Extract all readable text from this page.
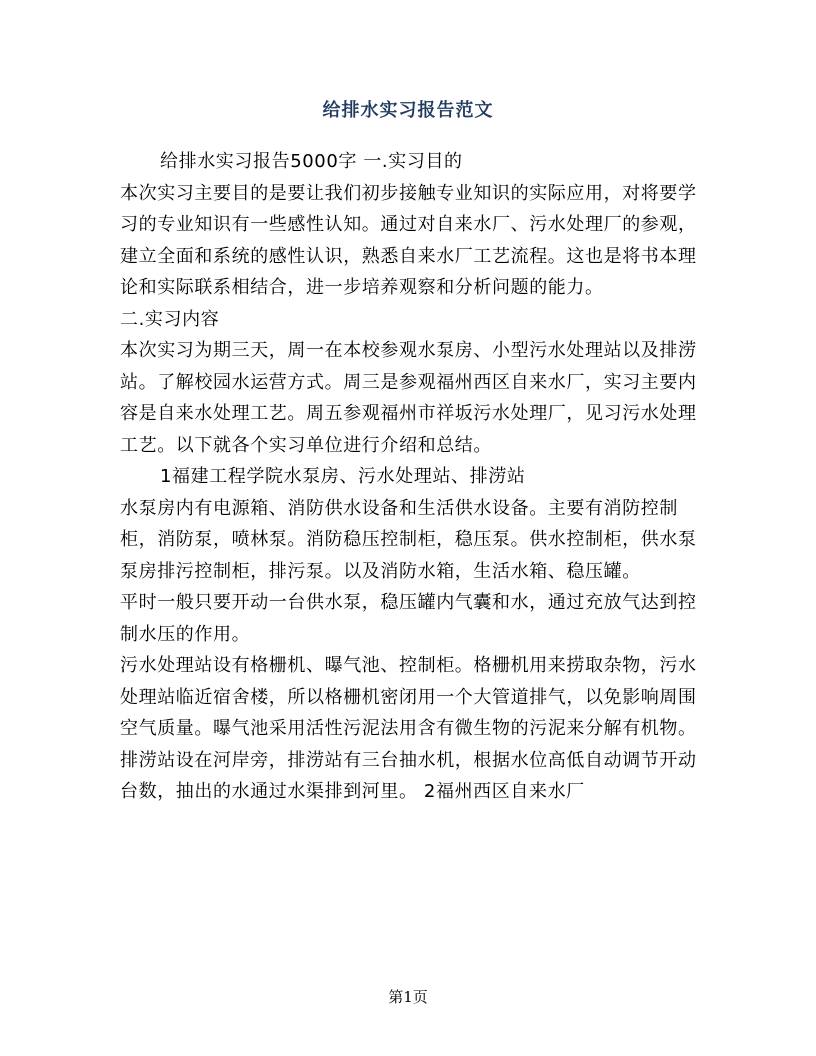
给排水实习报告范文

给排水实习报告5000字 一.实习目的

本次实习主要目的是要让我们初步接触专业知识的实际应用，对将要学习的专业知识有一些感性认知。通过对自来水厂、污水处理厂的参观，建立全面和系统的感性认识，熟悉自来水厂工艺流程。这也是将书本理论和实际联系相结合，进一步培养观察和分析问题的能力。

二.实习内容

本次实习为期三天，周一在本校参观水泵房、小型污水处理站以及排涝站。了解校园水运营方式。周三是参观福州西区自来水厂，实习主要内容是自来水处理工艺。周五参观福州市祥坂污水处理厂，见习污水处理工艺。以下就各个实习单位进行介绍和总结。

1福建工程学院水泵房、污水处理站、排涝站

水泵房内有电源箱、消防供水设备和生活供水设备。主要有消防控制柜，消防泵，喷林泵。消防稳压控制柜，稳压泵。供水控制柜，供水泵泵房排污控制柜，排污泵。以及消防水箱，生活水箱、稳压罐。

平时一般只要开动一台供水泵，稳压罐内气囊和水，通过充放气达到控制水压的作用。

污水处理站设有格栅机、曝气池、控制柜。格栅机用来捞取杂物，污水处理站临近宿舍楼，所以格栅机密闭用一个大管道排气，以免影响周围空气质量。曝气池采用活性污泥法用含有微生物的污泥来分解有机物。

排涝站设在河岸旁，排涝站有三台抽水机，根据水位高低自动调节开动台数，抽出的水通过水渠排到河里。 2福州西区自来水厂

第1页
